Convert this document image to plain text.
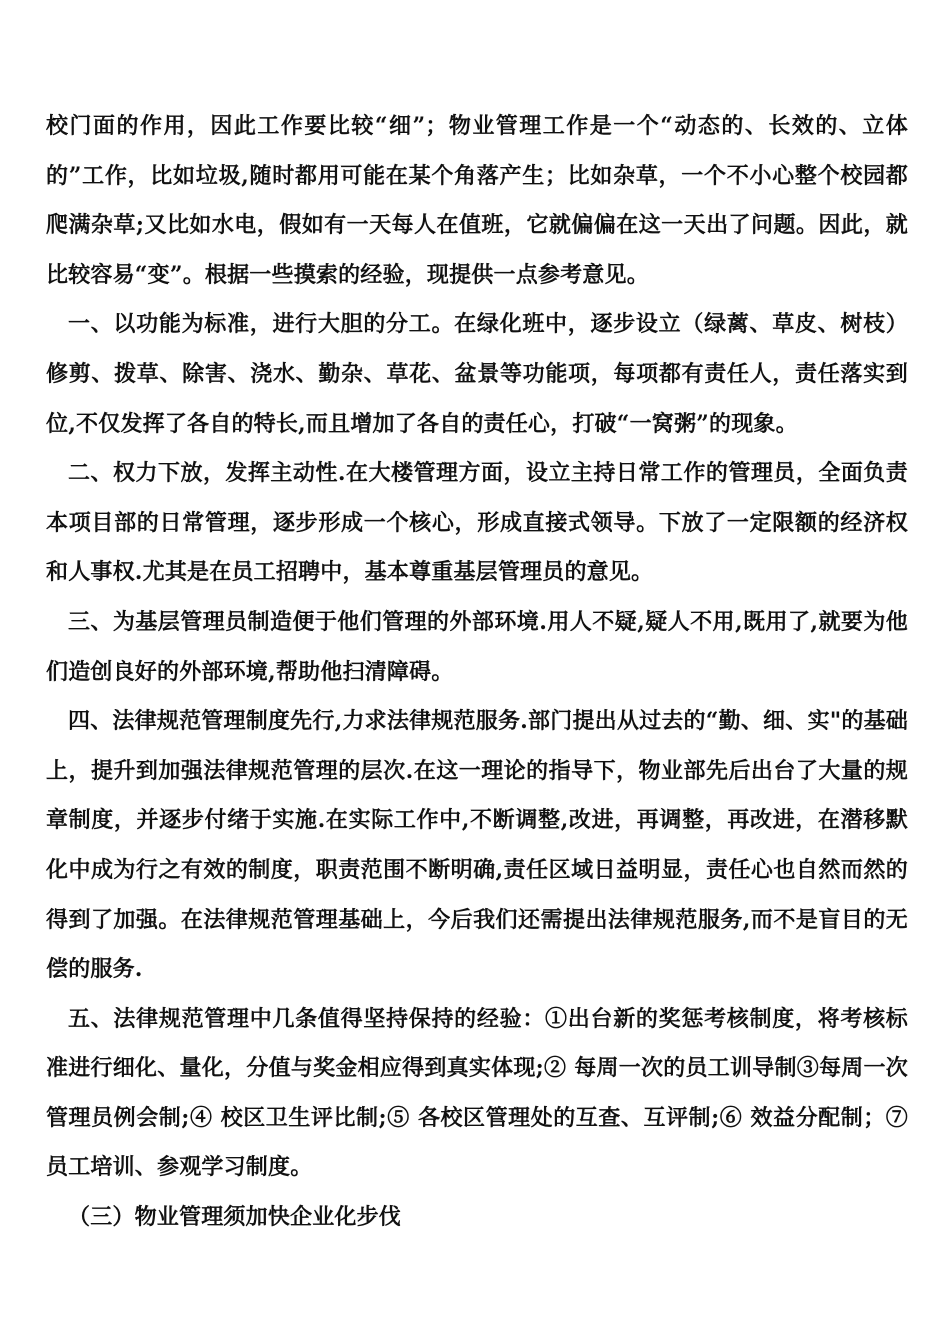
校门面的作用，因此工作要比较“细”；物业管理工作是一个“动态的、长效的、立体的”工作，比如垃圾,随时都用可能在某个角落产生；比如杂草，一个不小心整个校园都爬满杂草;又比如水电，假如有一天每人在值班，它就偏偏在这一天出了问题。因此，就比较容易“变”。根据一些摸索的经验，现提供一点参考意见。

一、以功能为标准，进行大胆的分工。在绿化班中，逐步设立（绿蓠、草皮、树枝）修剪、拨草、除害、浇水、勤杂、草花、盆景等功能项，每项都有责任人，责任落实到位,不仅发挥了各自的特长,而且增加了各自的责任心，打破“一窝粥”的现象。

二、权力下放，发挥主动性.在大楼管理方面，设立主持日常工作的管理员，全面负责本项目部的日常管理，逐步形成一个核心，形成直接式领导。下放了一定限额的经济权和人事权.尤其是在员工招聘中，基本尊重基层管理员的意见。

三、为基层管理员制造便于他们管理的外部环境.用人不疑,疑人不用,既用了,就要为他们造创良好的外部环境,帮助他扫清障碍。

四、法律规范管理制度先行,力求法律规范服务.部门提出从过去的“勤、细、实"的基础上，提升到加强法律规范管理的层次.在这一理论的指导下，物业部先后出台了大量的规章制度，并逐步付绪于实施.在实际工作中,不断调整,改进，再调整，再改进，在潜移默化中成为行之有效的制度，职责范围不断明确,责任区域日益明显，责任心也自然而然的得到了加强。在法律规范管理基础上，今后我们还需提出法律规范服务,而不是盲目的无偿的服务.

五、法律规范管理中几条值得坚持保持的经验：①出台新的奖惩考核制度，将考核标准进行细化、量化，分值与奖金相应得到真实体现;② 每周一次的员工训导制③每周一次管理员例会制;④ 校区卫生评比制;⑤ 各校区管理处的互查、互评制;⑥ 效益分配制；⑦员工培训、参观学习制度。

（三）物业管理须加快企业化步伐
